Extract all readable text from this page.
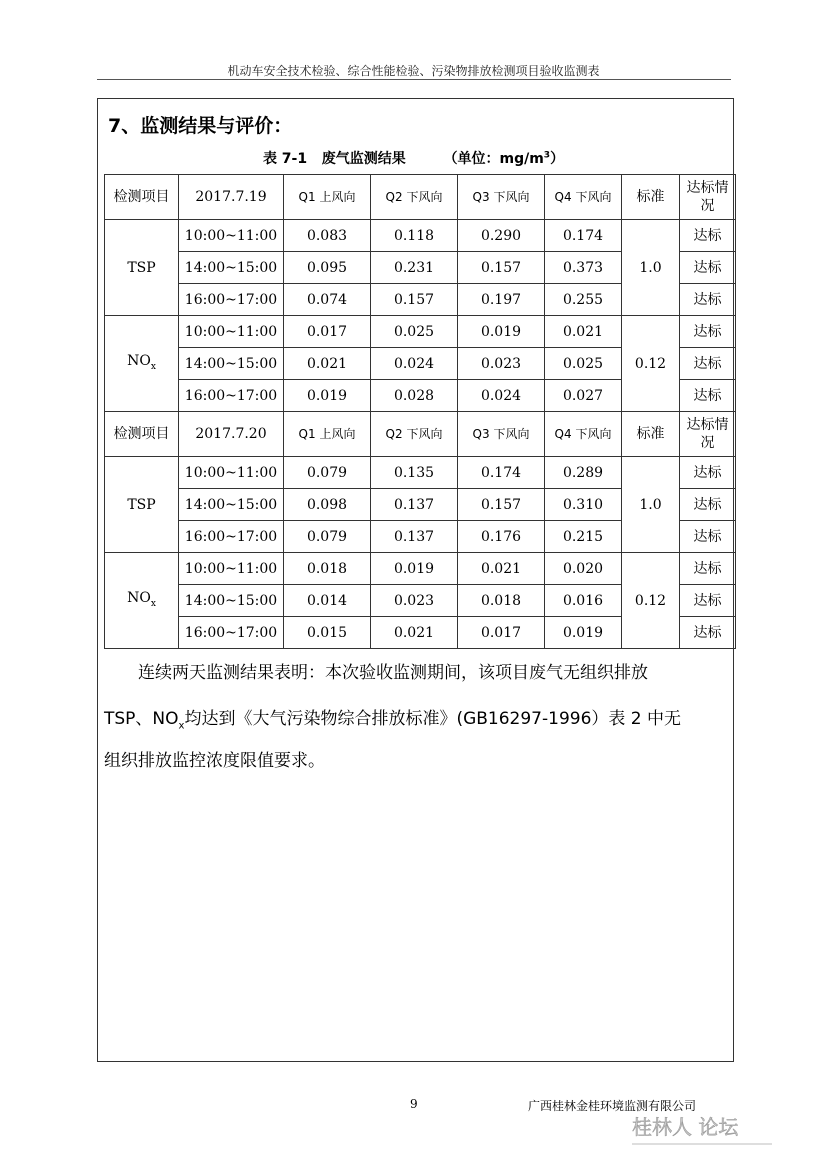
机动车安全技术检验、综合性能检验、污染物排放检测项目验收监测表
7、监测结果与评价：
表 7-1   废气监测结果	（单位：$mg/m^3$）
检测项目	2017.7.19	Q1 上风向	Q2 下风向	Q3 下风向	Q4 下风向	标准	达标情况
TSP	10:00~11:00	0.083	0.118	0.290	0.174	1.0	达标
	14:00~15:00	0.095	0.231	0.157	0.373		达标
	16:00~17:00	0.074	0.157	0.197	0.255		达标
$NO_x$	10:00~11:00	0.017	0.025	0.019	0.021	0.12	达标
	14:00~15:00	0.021	0.024	0.023	0.025		达标
	16:00~17:00	0.019	0.028	0.024	0.027		达标
检测项目	2017.7.20	Q1 上风向	Q2 下风向	Q3 下风向	Q4 下风向	标准	达标情况
TSP	10:00~11:00	0.079	0.135	0.174	0.289	1.0	达标
	14:00~15:00	0.098	0.137	0.157	0.310		达标
	16:00~17:00	0.079	0.137	0.176	0.215		达标
$NO_x$	10:00~11:00	0.018	0.019	0.021	0.020	0.12	达标
	14:00~15:00	0.014	0.023	0.018	0.016		达标
	16:00~17:00	0.015	0.021	0.017	0.019		达标
连续两天监测结果表明：本次验收监测期间，该项目废气无组织排放
TSP、$NO_x$均达到《大气污染物综合排放标准》(GB16297-1996）表 2 中无
组织排放监控浓度限值要求。
9	广西桂林金桂环境监测有限公司
桂林人 论坛
